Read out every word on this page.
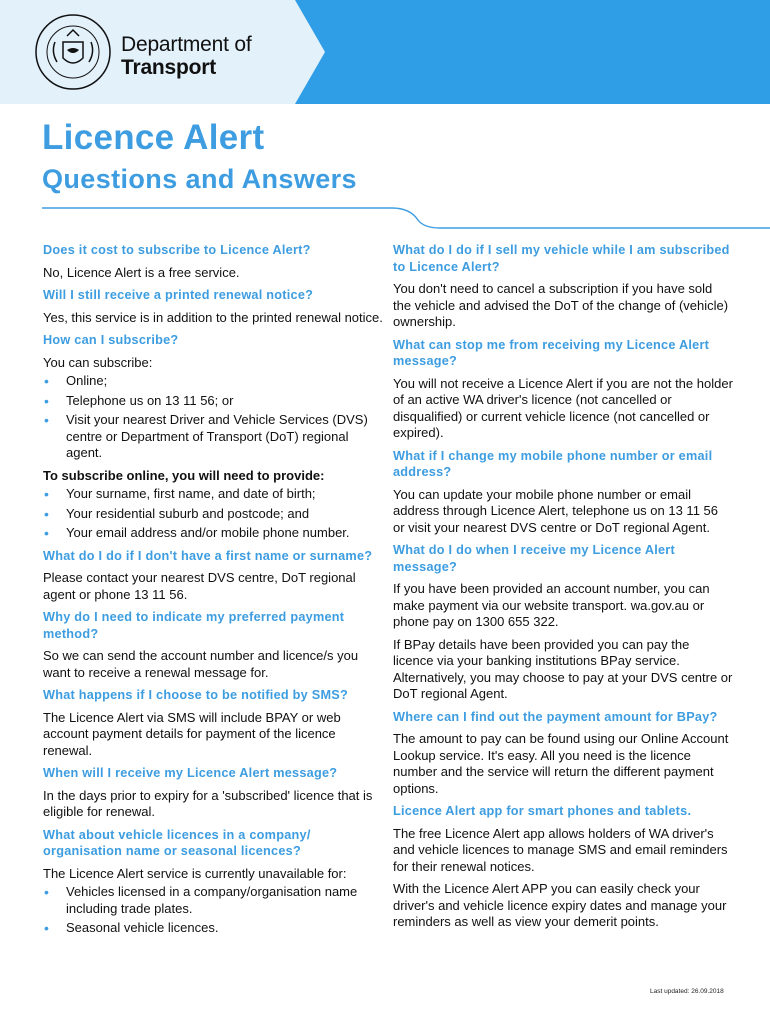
Department of
Transport
Licence Alert
Questions and Answers

Does it cost to subscribe to Licence Alert?

No, Licence Alert is a free service.

Will I still receive a printed renewal notice?

Yes, this service is in addition to the printed renewal notice.

How can I subscribe?

You can subscribe:

• Online;
• Telephone us on 13 11 56; or
• Visit your nearest Driver and Vehicle Services (DVS) centre or Department of Transport (DoT) regional agent.

To subscribe online, you will need to provide:

• Your surname, first name, and date of birth;
• Your residential suburb and postcode; and
• Your email address and/or mobile phone number.

What do I do if I don't have a first name or surname?

Please contact your nearest DVS centre, DoT regional agent or phone 13 11 56.

Why do I need to indicate my preferred payment method?

So we can send the account number and licence/s you want to receive a renewal message for.

What happens if I choose to be notified by SMS?

The Licence Alert via SMS will include BPAY or web account payment details for payment of the licence renewal.

When will I receive my Licence Alert message?

In the days prior to expiry for a 'subscribed' licence that is eligible for renewal.

What about vehicle licences in a company/ organisation name or seasonal licences?

The Licence Alert service is currently unavailable for:

• Vehicles licensed in a company/organisation name including trade plates.
• Seasonal vehicle licences.

What do I do if I sell my vehicle while I am subscribed to Licence Alert?

You don't need to cancel a subscription if you have sold the vehicle and advised the DoT of the change of (vehicle) ownership.

What can stop me from receiving my Licence Alert message?

You will not receive a Licence Alert if you are not the holder of an active WA driver's licence (not cancelled or disqualified) or current vehicle licence (not cancelled or expired).

What if I change my mobile phone number or email address?

You can update your mobile phone number or email address through Licence Alert, telephone us on 13 11 56 or visit your nearest DVS centre or DoT regional Agent.

What do I do when I receive my Licence Alert message?

If you have been provided an account number, you can make payment via our website transport. wa.gov.au or phone pay on 1300 655 322.

If BPay details have been provided you can pay the licence via your banking institutions BPay service. Alternatively, you may choose to pay at your DVS centre or DoT regional Agent.

Where can I find out the payment amount for BPay?

The amount to pay can be found using our Online Account Lookup service. It's easy. All you need is the licence number and the service will return the different payment options.

Licence Alert app for smart phones and tablets.

The free Licence Alert app allows holders of WA driver's and vehicle licences to manage SMS and email reminders for their renewal notices.

With the Licence Alert APP you can easily check your driver's and vehicle licence expiry dates and manage your reminders as well as view your demerit points.

Last updated: 26.09.2018
